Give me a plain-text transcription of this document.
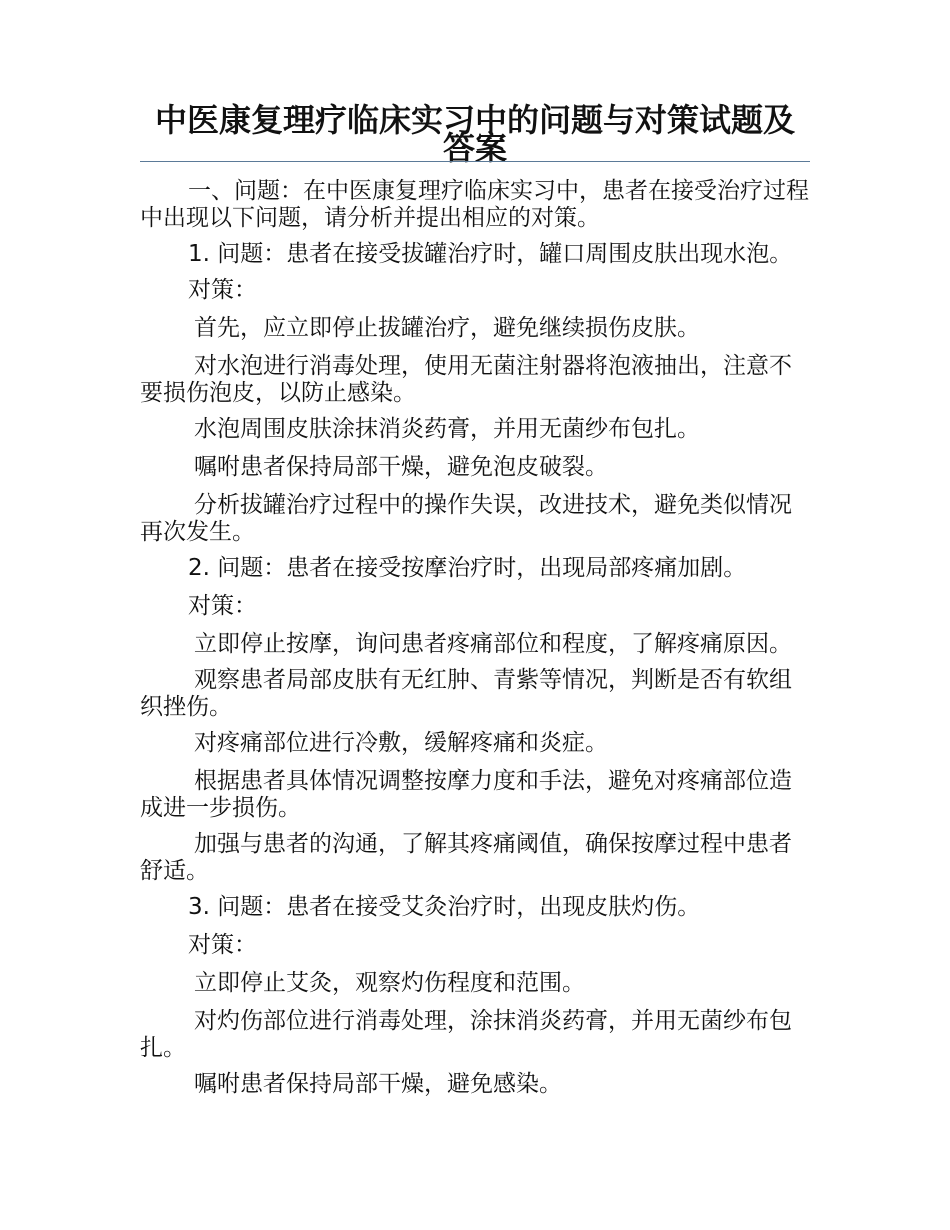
中医康复理疗临床实习中的问题与对策试题及答案

一、问题：在中医康复理疗临床实习中，患者在接受治疗过程中出现以下问题，请分析并提出相应的对策。

1. 问题：患者在接受拔罐治疗时，罐口周围皮肤出现水泡。

对策：

首先，应立即停止拔罐治疗，避免继续损伤皮肤。

对水泡进行消毒处理，使用无菌注射器将泡液抽出，注意不要损伤泡皮，以防止感染。

水泡周围皮肤涂抹消炎药膏，并用无菌纱布包扎。

嘱咐患者保持局部干燥，避免泡皮破裂。

分析拔罐治疗过程中的操作失误，改进技术，避免类似情况再次发生。

2. 问题：患者在接受按摩治疗时，出现局部疼痛加剧。

对策：

立即停止按摩，询问患者疼痛部位和程度，了解疼痛原因。

观察患者局部皮肤有无红肿、青紫等情况，判断是否有软组织挫伤。

对疼痛部位进行冷敷，缓解疼痛和炎症。

根据患者具体情况调整按摩力度和手法，避免对疼痛部位造成进一步损伤。

加强与患者的沟通，了解其疼痛阈值，确保按摩过程中患者舒适。

3. 问题：患者在接受艾灸治疗时，出现皮肤灼伤。

对策：

立即停止艾灸，观察灼伤程度和范围。

对灼伤部位进行消毒处理，涂抹消炎药膏，并用无菌纱布包扎。

嘱咐患者保持局部干燥，避免感染。
